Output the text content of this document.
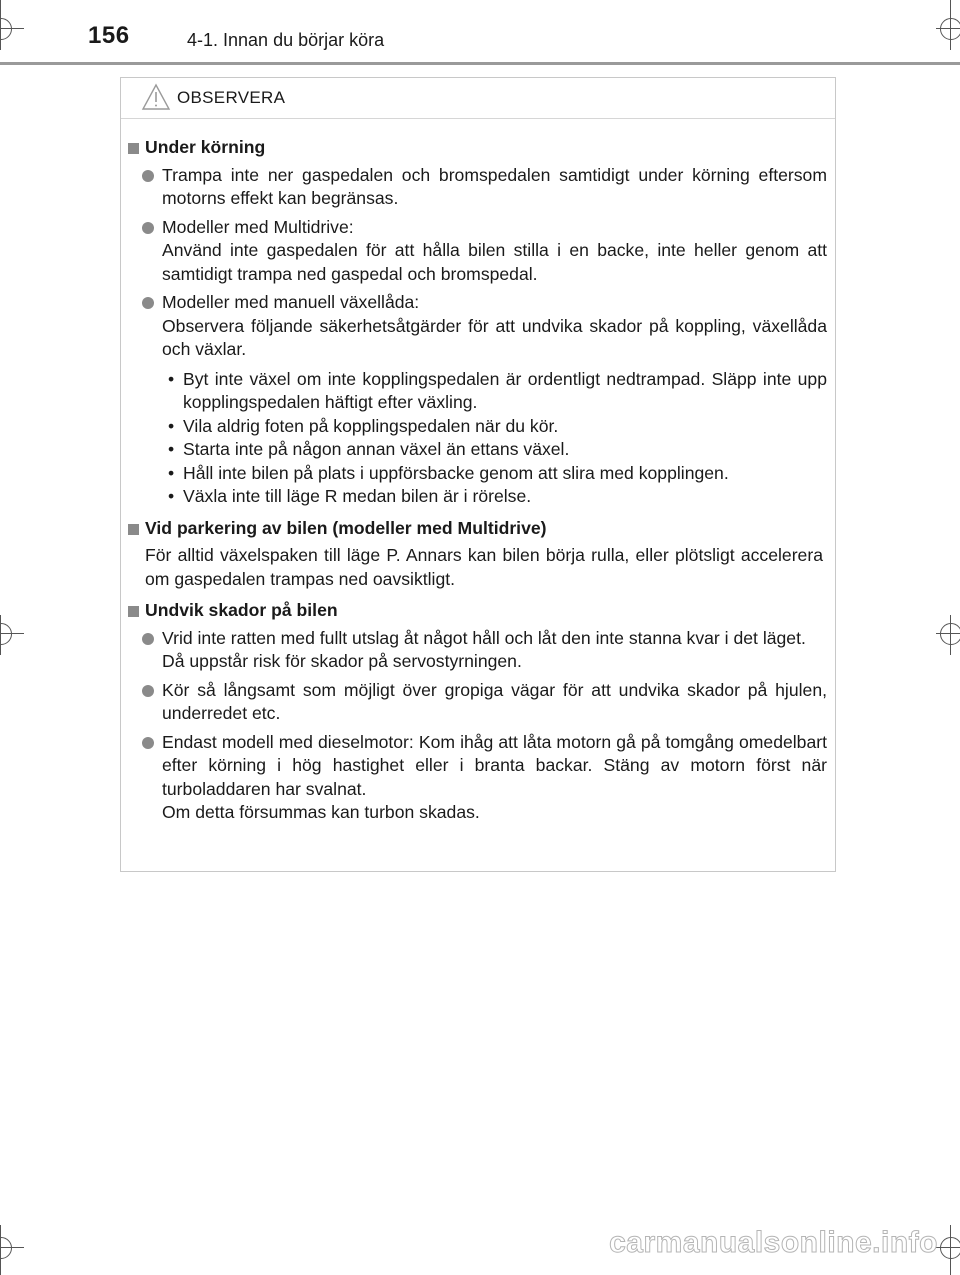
156	4-1. Innan du börjar köra
OBSERVERA
Under körning

Trampa inte ner gaspedalen och bromspedalen samtidigt under körning eftersom motorns effekt kan begränsas.

Modeller med Multidrive:

Använd inte gaspedalen för att hålla bilen stilla i en backe, inte heller genom att samtidigt trampa ned gaspedal och bromspedal.

Modeller med manuell växellåda:

Observera följande säkerhetsåtgärder för att undvika skador på koppling, växellåda och växlar.

• Byt inte växel om inte kopplingspedalen är ordentligt nedtrampad. Släpp inte upp kopplingspedalen häftigt efter växling.
• Vila aldrig foten på kopplingspedalen när du kör.
• Starta inte på någon annan växel än ettans växel.
• Håll inte bilen på plats i uppförsbacke genom att slira med kopplingen.
• Växla inte till läge R medan bilen är i rörelse.
Vid parkering av bilen (modeller med Multidrive)
För alltid växelspaken till läge P. Annars kan bilen börja rulla, eller plötsligt accelerera om gaspedalen trampas ned oavsiktligt.
Undvik skador på bilen

Vrid inte ratten med fullt utslag åt något håll och låt den inte stanna kvar i det läget.

Då uppstår risk för skador på servostyrningen.

Kör så långsamt som möjligt över gropiga vägar för att undvika skador på hjulen, underredet etc.

Endast modell med dieselmotor: Kom ihåg att låta motorn gå på tomgång omedelbart efter körning i hög hastighet eller i branta backar. Stäng av motorn först när turboladdaren har svalnat.

Om detta försummas kan turbon skadas.

carmanualsonline.info
